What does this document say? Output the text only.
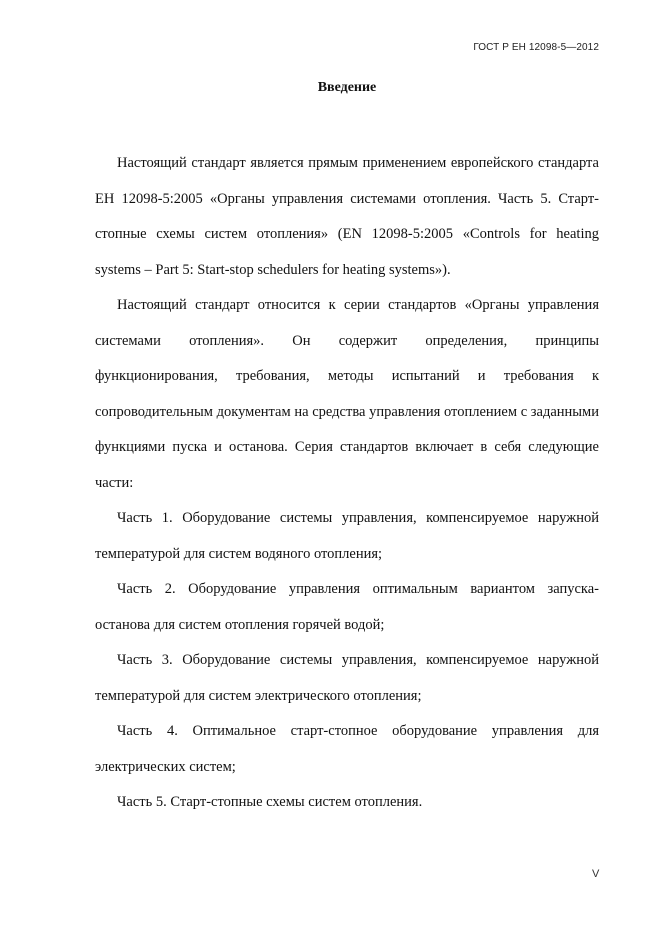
ГОСТ Р ЕН 12098-5—2012
Введение

Настоящий стандарт является прямым применением европейского стандарта ЕН 12098-5:2005 «Органы управления системами отопления. Часть 5. Старт-стопные схемы систем отопления» (EN 12098-5:2005 «Controls for heating systems – Part 5: Start-stop schedulers for heating systems»).

Настоящий стандарт относится к серии стандартов «Органы управления системами отопления». Он содержит определения, принципы функционирования, требования, методы испытаний и требования к сопроводительным документам на средства управления отоплением с заданными функциями пуска и останова. Серия стандартов включает в себя следующие части:

Часть 1. Оборудование системы управления, компенсируемое наружной температурой для систем водяного отопления;

Часть 2. Оборудование управления оптимальным вариантом запуска-останова для систем отопления горячей водой;

Часть 3. Оборудование системы управления, компенсируемое наружной температурой для систем электрического отопления;

Часть 4. Оптимальное старт-стопное оборудование управления для электрических систем;

Часть 5. Старт-стопные схемы систем отопления.

V
